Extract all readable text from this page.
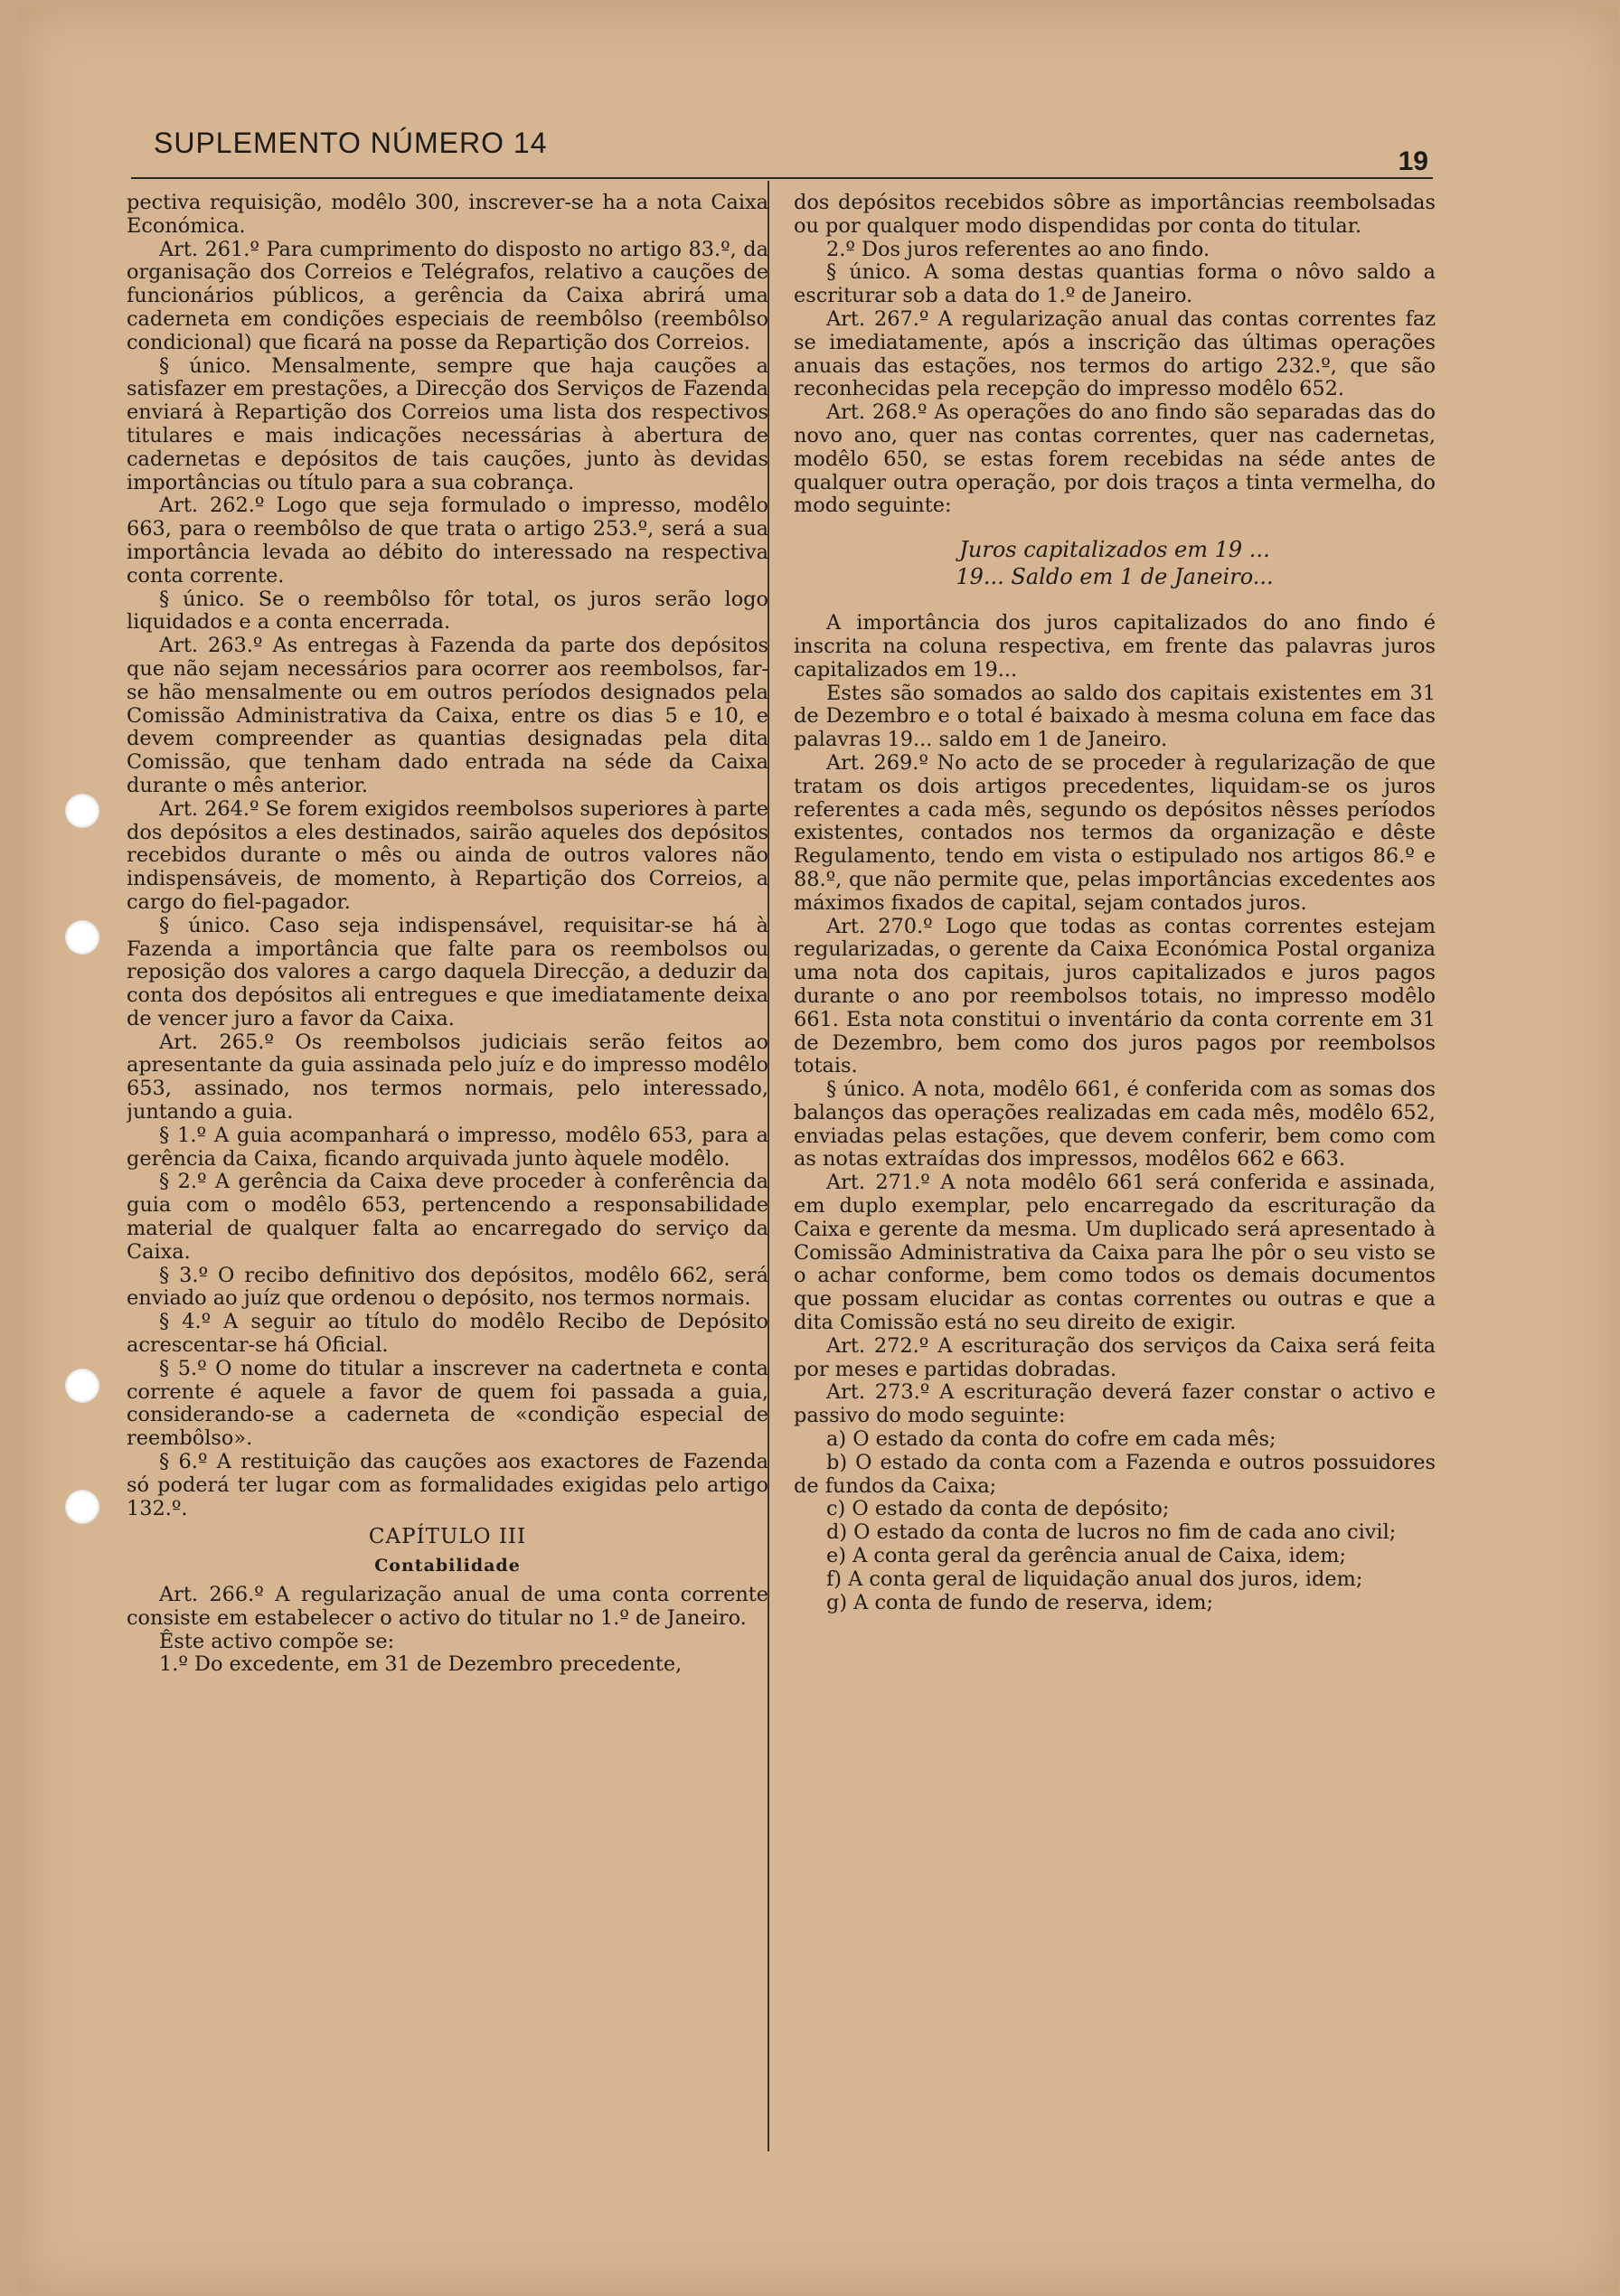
SUPLEMENTO NÚMERO 14
19

pectiva requisição, modêlo 300, inscrever-se ha a nota Caixa Económica.

Art. 261.º Para cumprimento do disposto no artigo 83.º, da organisação dos Correios e Telégrafos, relativo a cauções de funcionários públicos, a gerência da Caixa abrirá uma caderneta em condições especiais de reembôlso (reembôlso condicional) que ficará na posse da Repartição dos Correios.

§ único. Mensalmente, sempre que haja cauções a satisfazer em prestações, a Direcção dos Serviços de Fazenda enviará à Repartição dos Correios uma lista dos respectivos titulares e mais indicações necessárias à abertura de cadernetas e depósitos de tais cauções, junto às devidas importâncias ou título para a sua cobrança.

Art. 262.º Logo que seja formulado o impresso, modêlo 663, para o reembôlso de que trata o artigo 253.º, será a sua importância levada ao débito do interessado na respectiva conta corrente.

§ único. Se o reembôlso fôr total, os juros serão logo liquidados e a conta encerrada.

Art. 263.º As entregas à Fazenda da parte dos depósitos que não sejam necessários para ocorrer aos reembolsos, far-se hão mensalmente ou em outros períodos designados pela Comissão Administrativa da Caixa, entre os dias 5 e 10, e devem compreender as quantias designadas pela dita Comissão, que tenham dado entrada na séde da Caixa durante o mês anterior.

Art. 264.º Se forem exigidos reembolsos superiores à parte dos depósitos a eles destinados, sairão aqueles dos depósitos recebidos durante o mês ou ainda de outros valores não indispensáveis, de momento, à Repartição dos Correios, a cargo do fiel-pagador.

§ único. Caso seja indispensável, requisitar-se há à Fazenda a importância que falte para os reembolsos ou reposição dos valores a cargo daquela Direcção, a deduzir da conta dos depósitos ali entregues e que imediatamente deixa de vencer juro a favor da Caixa.

Art. 265.º Os reembolsos judiciais serão feitos ao apresentante da guia assinada pelo juíz e do impresso modêlo 653, assinado, nos termos normais, pelo interessado, juntando a guia.

§ 1.º A guia acompanhará o impresso, modêlo 653, para a gerência da Caixa, ficando arquivada junto àquele modêlo.

§ 2.º A gerência da Caixa deve proceder à conferência da guia com o modêlo 653, pertencendo a responsabilidade material de qualquer falta ao encarregado do serviço da Caixa.

§ 3.º O recibo definitivo dos depósitos, modêlo 662, será enviado ao juíz que ordenou o depósito, nos termos normais.

§ 4.º A seguir ao título do modêlo Recibo de Depósito acrescentar-se há Oficial.

§ 5.º O nome do titular a inscrever na cadertneta e conta corrente é aquele a favor de quem foi passada a guia, considerando-se a caderneta de «condição especial de reembôlso».

§ 6.º A restituição das cauções aos exactores de Fazenda só poderá ter lugar com as formalidades exigidas pelo artigo 132.º.

CAPÍTULO III
Contabilidade

Art. 266.º A regularização anual de uma conta corrente consiste em estabelecer o activo do titular no 1.º de Janeiro.

Êste activo compõe se:

1.º Do excedente, em 31 de Dezembro precedente,

dos depósitos recebidos sôbre as importâncias reembolsadas ou por qualquer modo dispendidas por conta do titular.

2.º Dos juros referentes ao ano findo.

§ único. A soma destas quantias forma o nôvo saldo a escriturar sob a data do 1.º de Janeiro.

Art. 267.º A regularização anual das contas correntes faz se imediatamente, após a inscrição das últimas operações anuais das estações, nos termos do artigo 232.º, que são reconhecidas pela recepção do impresso modêlo 652.

Art. 268.º As operações do ano findo são separadas das do novo ano, quer nas contas correntes, quer nas cadernetas, modêlo 650, se estas forem recebidas na séde antes de qualquer outra operação, por dois traços a tinta vermelha, do modo seguinte:

Juros capitalizados em 19 ...
19... Saldo em 1 de Janeiro...

A importância dos juros capitalizados do ano findo é inscrita na coluna respectiva, em frente das palavras juros capitalizados em 19...

Estes são somados ao saldo dos capitais existentes em 31 de Dezembro e o total é baixado à mesma coluna em face das palavras 19... saldo em 1 de Janeiro.

Art. 269.º No acto de se proceder à regularização de que tratam os dois artigos precedentes, liquidam-se os juros referentes a cada mês, segundo os depósitos nêsses períodos existentes, contados nos termos da organização e dêste Regulamento, tendo em vista o estipulado nos artigos 86.º e 88.º, que não permite que, pelas importâncias excedentes aos máximos fixados de capital, sejam contados juros.

Art. 270.º Logo que todas as contas correntes estejam regularizadas, o gerente da Caixa Económica Postal organiza uma nota dos capitais, juros capitalizados e juros pagos durante o ano por reembolsos totais, no impresso modêlo 661. Esta nota constitui o inventário da conta corrente em 31 de Dezembro, bem como dos juros pagos por reembolsos totais.

§ único. A nota, modêlo 661, é conferida com as somas dos balanços das operações realizadas em cada mês, modêlo 652, enviadas pelas estações, que devem conferir, bem como com as notas extraídas dos impressos, modêlos 662 e 663.

Art. 271.º A nota modêlo 661 será conferida e assinada, em duplo exemplar, pelo encarregado da escrituração da Caixa e gerente da mesma. Um duplicado será apresentado à Comissão Administrativa da Caixa para lhe pôr o seu visto se o achar conforme, bem como todos os demais documentos que possam elucidar as contas correntes ou outras e que a dita Comissão está no seu direito de exigir.

Art. 272.º A escrituração dos serviços da Caixa será feita por meses e partidas dobradas.

Art. 273.º A escrituração deverá fazer constar o activo e passivo do modo seguinte:

a) O estado da conta do cofre em cada mês;

b) O estado da conta com a Fazenda e outros possuidores de fundos da Caixa;

c) O estado da conta de depósito;

d) O estado da conta de lucros no fim de cada ano civil;

e) A conta geral da gerência anual de Caixa, idem;

f) A conta geral de liquidação anual dos juros, idem;

g) A conta de fundo de reserva, idem;
